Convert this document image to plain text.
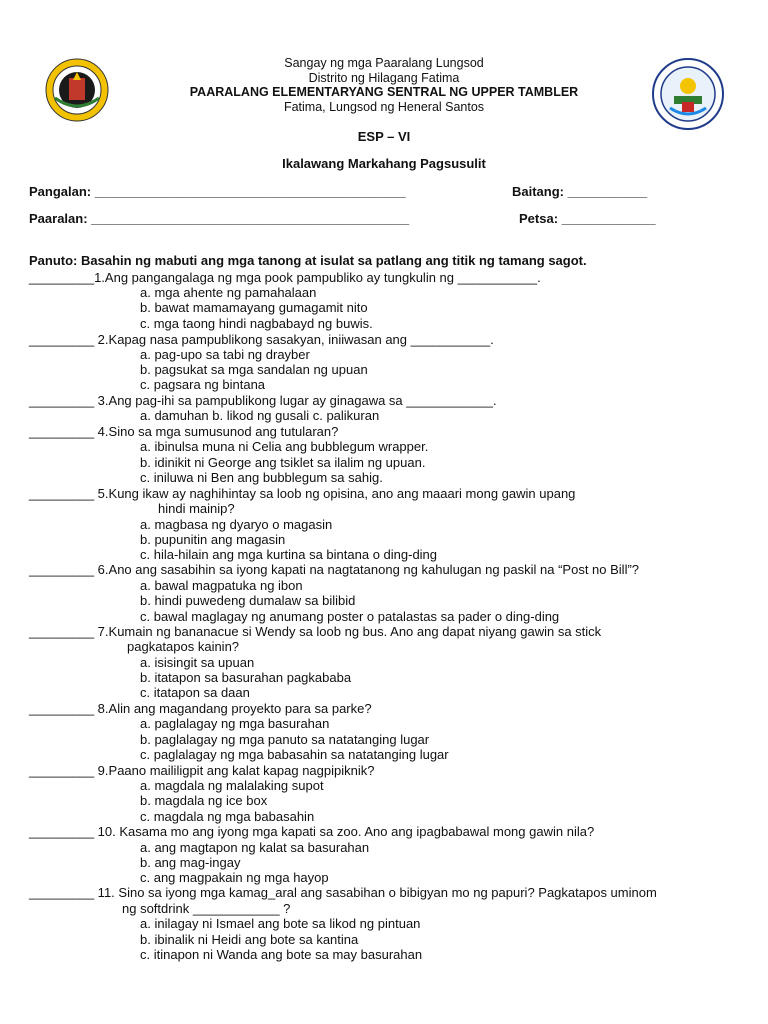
Sangay ng mga Paaralang Lungsod
Distrito ng Hilagang Fatima
PAARALANG ELEMENTARYANG SENTRAL NG UPPER TAMBLER
Fatima, Lungsod ng Heneral Santos
ESP – VI
Ikalawang Markahang Pagsusulit
Pangalan: ___________________________________________	Baitang: ___________
Paaralan: ____________________________________________	Petsa: _____________
Panuto: Basahin ng mabuti ang mga tanong at isulat sa patlang ang titik ng tamang sagot.
_________1.Ang pangangalaga ng mga pook pampubliko ay tungkulin ng ___________.
a. mga ahente ng pamahalaan
b. bawat mamamayang gumagamit nito
c. mga taong hindi nagbabayd ng buwis.
_________ 2.Kapag nasa pampublikong sasakyan, iniiwasan ang ___________.
a. pag-upo sa tabi ng drayber
b. pagsukat sa mga sandalan ng upuan
c. pagsara ng bintana
_________ 3.Ang pag-ihi sa pampublikong lugar ay ginagawa sa ____________.
a. damuhan b. likod ng gusali c. palikuran
_________ 4.Sino sa mga sumusunod ang tutularan?
a. ibinulsa muna ni Celia ang bubblegum wrapper.
b. idinikit ni George ang tsiklet sa ilalim ng upuan.
c. iniluwa ni Ben ang bubblegum sa sahig.
_________ 5.Kung ikaw ay naghihintay sa loob ng opisina, ano ang maaari mong gawin upang
hindi mainip?
a. magbasa ng dyaryo o magasin
b. pupunitin ang magasin
c. hila-hilain ang mga kurtina sa bintana o ding-ding
_________ 6.Ano ang sasabihin sa iyong kapati na nagtatanong ng kahulugan ng paskil na “Post no Bill”?
a. bawal magpatuka ng ibon
b. hindi puwedeng dumalaw sa bilibid
c. bawal maglagay ng anumang poster o patalastas sa pader o ding-ding
_________ 7.Kumain ng bananacue si Wendy sa loob ng bus. Ano ang dapat niyang gawin sa stick
pagkatapos kainin?
a. isisingit sa upuan
b. itatapon sa basurahan pagkababa
c. itatapon sa daan
_________ 8.Alin ang magandang proyekto para sa parke?
a. paglalagay ng mga basurahan
b. paglalagay ng mga panuto sa natatanging lugar
c. paglalagay ng mga babasahin sa natatanging lugar
_________ 9.Paano maililigpit ang kalat kapag nagpipiknik?
a. magdala ng malalaking supot
b. magdala ng ice box
c. magdala ng mga babasahin
_________ 10. Kasama mo ang iyong mga kapati sa zoo. Ano ang ipagbabawal mong gawin nila?
a. ang magtapon ng kalat sa basurahan
b. ang mag-ingay
c. ang magpakain ng mga hayop
_________ 11. Sino sa iyong mga kamag_aral ang sasabihan o bibigyan mo ng papuri? Pagkatapos uminom
ng softdrink ____________ ?
a. inilagay ni Ismael ang bote sa likod ng pintuan
b. ibinalik ni Heidi ang bote sa kantina
c. itinapon ni Wanda ang bote sa may basurahan
